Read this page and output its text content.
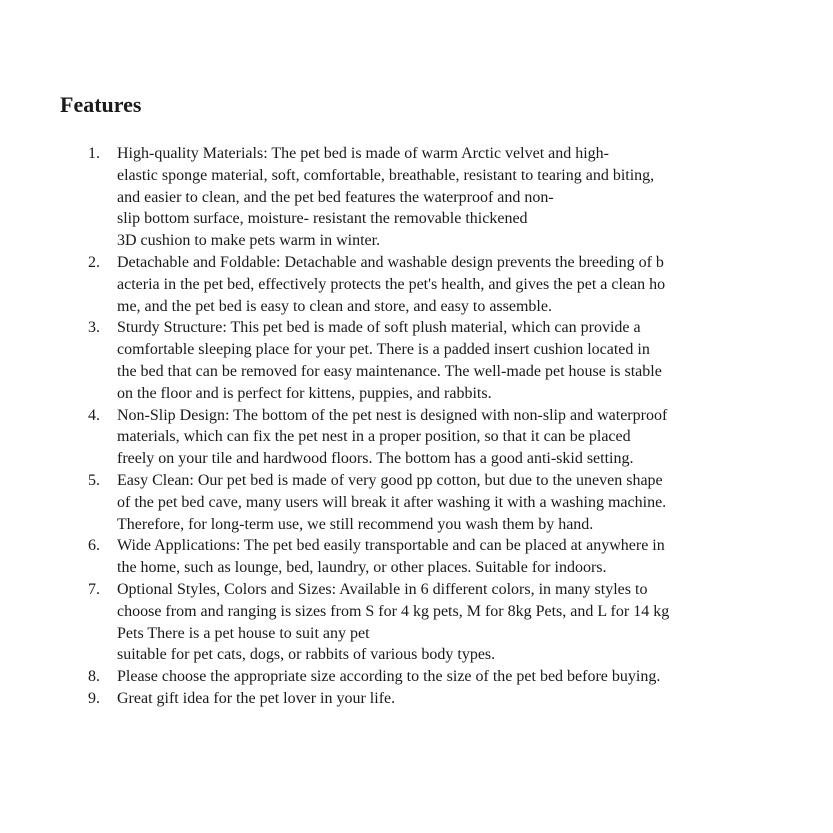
Features
1. High-quality Materials: The pet bed is made of warm Arctic velvet and high-
elastic sponge material, soft, comfortable, breathable, resistant to tearing and biting,
and easier to clean, and the pet bed features the waterproof and non-
slip bottom surface, moisture- resistant the removable thickened
3D cushion to make pets warm in winter.
2. Detachable and Foldable: Detachable and washable design prevents the breeding of b
acteria in the pet bed, effectively protects the pet's health, and gives the pet a clean ho
me, and the pet bed is easy to clean and store, and easy to assemble.
3. Sturdy Structure: This pet bed is made of soft plush material, which can provide a
comfortable sleeping place for your pet. There is a padded insert cushion located in
the bed that can be removed for easy maintenance. The well-made pet house is stable
on the floor and is perfect for kittens, puppies, and rabbits.
4. Non-Slip Design: The bottom of the pet nest is designed with non-slip and waterproof
materials, which can fix the pet nest in a proper position, so that it can be placed
freely on your tile and hardwood floors. The bottom has a good anti-skid setting.
5. Easy Clean: Our pet bed is made of very good pp cotton, but due to the uneven shape
of the pet bed cave, many users will break it after washing it with a washing machine.
Therefore, for long-term use, we still recommend you wash them by hand.
6. Wide Applications: The pet bed easily transportable and can be placed at anywhere in
the home, such as lounge, bed, laundry, or other places. Suitable for indoors.
7. Optional Styles, Colors and Sizes: Available in 6 different colors, in many styles to
choose from and ranging is sizes from S for 4 kg pets, M for 8kg Pets, and L for 14 kg
Pets There is a pet house to suit any pet
suitable for pet cats, dogs, or rabbits of various body types.
8. Please choose the appropriate size according to the size of the pet bed before buying.
9. Great gift idea for the pet lover in your life.
